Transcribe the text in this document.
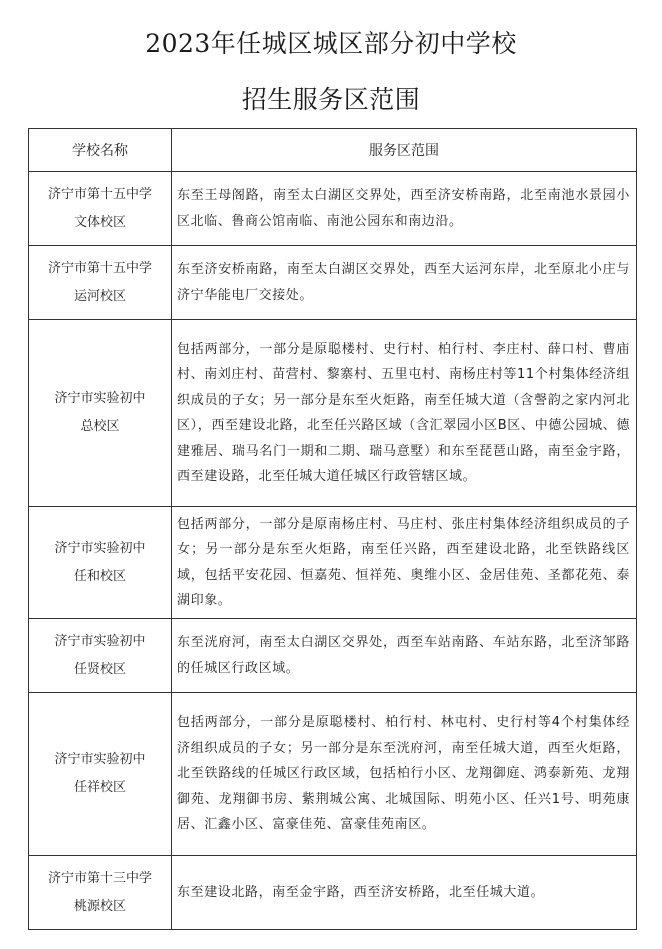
2023年任城区城区部分初中学校
招生服务区范围
学校名称	服务区范围

济宁市第十五中学
文体校区	东至王母阁路，南至太白湖区交界处，西至济安桥南路，北至南池水景园小区北临、鲁商公馆南临、南池公园东和南边沿。

济宁市第十五中学
运河校区	东至济安桥南路，南至太白湖区交界处，西至大运河东岸，北至原北小庄与济宁华能电厂交接处。

济宁市实验初中
总校区	包括两部分，一部分是原聪楼村、史行村、柏行村、李庄村、薛口村、曹庙村、南刘庄村、苗营村、黎寨村、五里屯村、南杨庄村等11个村集体经济组织成员的子女；另一部分是东至火炬路，南至任城大道（含謦韵之家内河北区），西至建设北路，北至任兴路区域（含汇翠园小区B区、中德公园城、德建雅居、瑞马名门一期和二期、瑞马意墅）和东至琵琶山路，南至金宇路，西至建设路，北至任城大道任城区行政管辖区域。

济宁市实验初中
任和校区	包括两部分，一部分是原南杨庄村、马庄村、张庄村集体经济组织成员的子女；另一部分是东至火炬路，南至任兴路，西至建设北路，北至铁路线区域，包括平安花园、恒嘉苑、恒祥苑、奥维小区、金居佳苑、圣都花苑、泰湖印象。

济宁市实验初中
任贤校区	东至洸府河，南至太白湖区交界处，西至车站南路、车站东路，北至济邹路的任城区行政区域。

济宁市实验初中
任祥校区	包括两部分，一部分是原聪楼村、柏行村、林屯村、史行村等4个村集体经济组织成员的子女；另一部分是东至洸府河，南至任城大道，西至火炬路，北至铁路线的任城区行政区域，包括柏行小区、龙翔御庭、鸿泰新苑、龙翔御苑、龙翔御书房、紫荆城公寓、北城国际、明苑小区、任兴1号、明苑康居、汇鑫小区、富豪佳苑、富豪佳苑南区。

济宁市第十三中学
桃源校区	东至建设北路，南至金宇路，西至济安桥路，北至任城大道。
